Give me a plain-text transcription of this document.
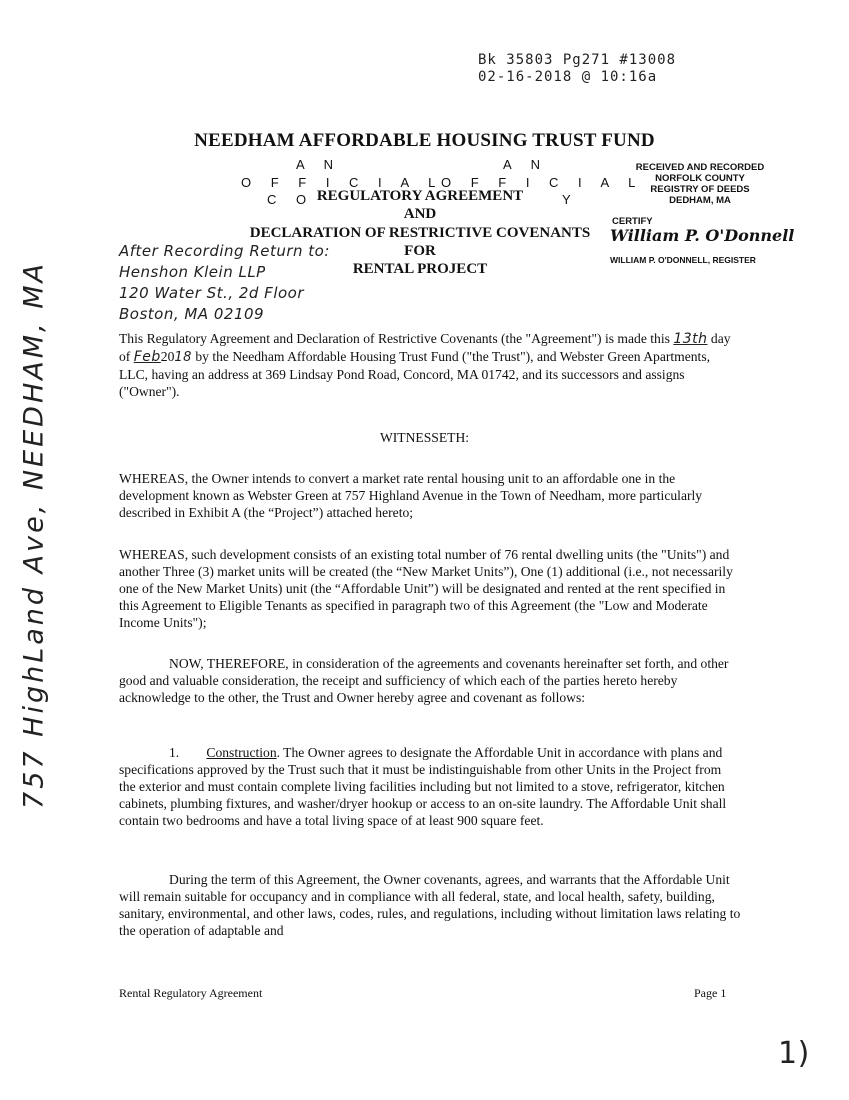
Bk 35803 Pg271 #13008
02-16-2018 @ 10:16a
NEEDHAM AFFORDABLE HOUSING TRUST FUND
A N	A N
O F F I C I A L
O F F I C I A L
C O	Y
REGULATORY AGREEMENT
AND
DECLARATION OF RESTRICTIVE COVENANTS
FOR
RENTAL PROJECT
RECEIVED AND RECORDED
NORFOLK COUNTY
REGISTRY OF DEEDS
DEDHAM, MA
CERTIFY
William P. O'Donnell
WILLIAM P. O'DONNELL, REGISTER
After Recording Return to:
Henshon Klein LLP
120 Water St., 2d Floor
Boston, MA 02109
757 HighLand Ave, NEEDHAM, MA	This Regulatory Agreement and Declaration of Restrictive Covenants (the "Agreement") is made this 13th day of Feb2018 by the Needham Affordable Housing Trust Fund ("the Trust"), and Webster Green Apartments, LLC, having an address at 369 Lindsay Pond Road, Concord, MA 01742, and its successors and assigns ("Owner").

WITNESSETH:

WHEREAS, the Owner intends to convert a market rate rental housing unit to an affordable one in the development known as Webster Green at 757 Highland Avenue in the Town of Needham, more particularly described in Exhibit A (the “Project”) attached hereto;

WHEREAS, such development consists of an existing total number of 76 rental dwelling units (the "Units") and another Three (3) market units will be created (the “New Market Units”), One (1) additional (i.e., not necessarily one of the New Market Units) unit (the “Affordable Unit”) will be designated and rented at the rent specified in this Agreement to Eligible Tenants as specified in paragraph two of this Agreement (the "Low and Moderate Income Units");

NOW, THEREFORE, in consideration of the agreements and covenants hereinafter set forth, and other good and valuable consideration, the receipt and sufficiency of which each of the parties hereto hereby acknowledge to the other, the Trust and Owner hereby agree and covenant as follows:

1. Construction. The Owner agrees to designate the Affordable Unit in accordance with plans and specifications approved by the Trust such that it must be indistinguishable from other Units in the Project from the exterior and must contain complete living facilities including but not limited to a stove, refrigerator, kitchen cabinets, plumbing fixtures, and washer/dryer hookup or access to an on-site laundry. The Affordable Unit shall contain two bedrooms and have a total living space of at least 900 square feet.

During the term of this Agreement, the Owner covenants, agrees, and warrants that the Affordable Unit will remain suitable for occupancy and in compliance with all federal, state, and local health, safety, building, sanitary, environmental, and other laws, codes, rules, and regulations, including without limitation laws relating to the operation of adaptable and

Rental Regulatory Agreement	Page 1
1)
